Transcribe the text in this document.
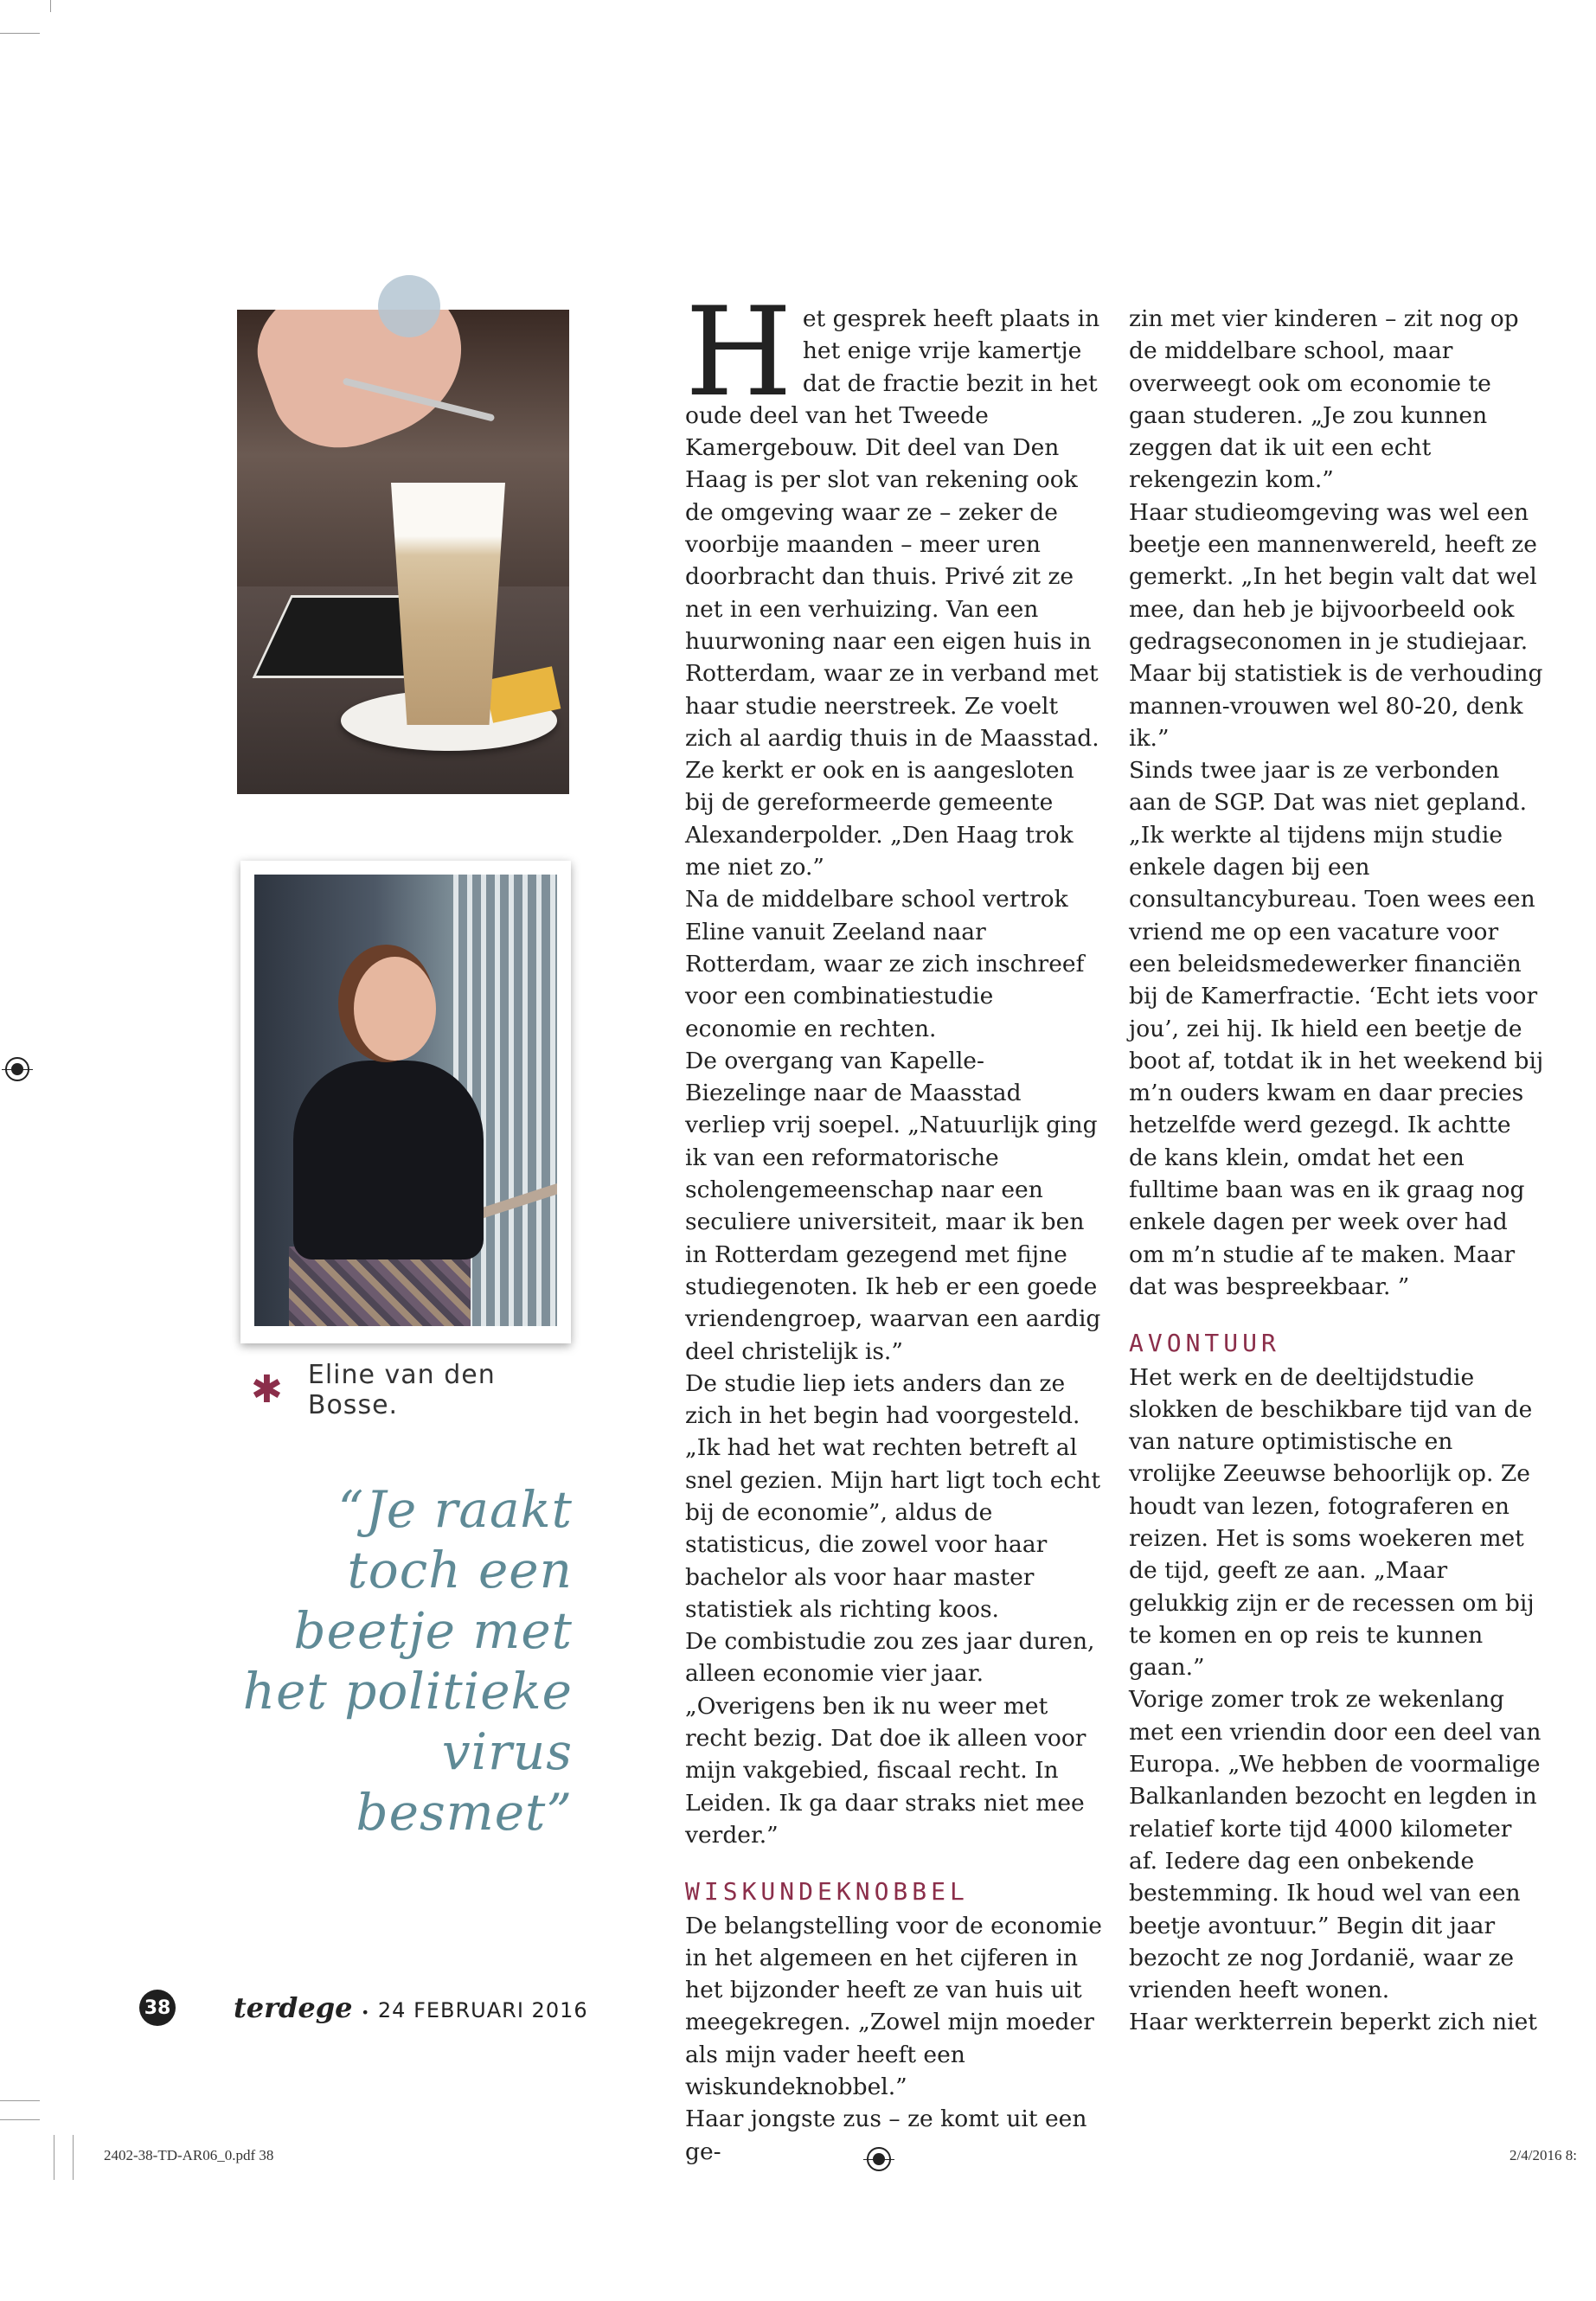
✱ Eline van den Bosse.
“Je raakt toch een beetje met het politieke virus besmet”
H et gesprek heeft plaats in het enige vrije kamertje dat de fractie bezit in het oude deel van het Tweede Kamergebouw. Dit deel van Den Haag is per slot van rekening ook de omgeving waar ze – zeker de voorbije maanden – meer uren doorbracht dan thuis. Privé zit ze net in een verhuizing. Van een huurwoning naar een eigen huis in Rotterdam, waar ze in verband met haar studie neerstreek. Ze voelt zich al aardig thuis in de Maasstad. Ze kerkt er ook en is aangesloten bij de gereformeerde gemeente Alexanderpolder. „Den Haag trok me niet zo.”

Na de middelbare school vertrok Eline vanuit Zeeland naar Rotterdam, waar ze zich inschreef voor een combinatiestudie economie en rechten.

De overgang van Kapelle-Biezelinge naar de Maasstad verliep vrij soepel. „Natuurlijk ging ik van een reformatorische scholengemeenschap naar een seculiere universiteit, maar ik ben in Rotterdam gezegend met fijne studiegenoten. Ik heb er een goede vriendengroep, waarvan een aardig deel christelijk is.”

De studie liep iets anders dan ze zich in het begin had voorgesteld. „Ik had het wat rechten betreft al snel gezien. Mijn hart ligt toch echt bij de economie”, aldus de statisticus, die zowel voor haar bachelor als voor haar master statistiek als richting koos.

De combistudie zou zes jaar duren, alleen economie vier jaar. „Overigens ben ik nu weer met recht bezig. Dat doe ik alleen voor mijn vakgebied, fiscaal recht. In Leiden. Ik ga daar straks niet mee verder.”

WISKUNDEKNOBBEL

De belangstelling voor de economie in het algemeen en het cijferen in het bijzonder heeft ze van huis uit meegekregen. „Zowel mijn moeder als mijn vader heeft een wiskundeknobbel.”

Haar jongste zus – ze komt uit een ge-

zin met vier kinderen – zit nog op de middelbare school, maar overweegt ook om economie te gaan studeren. „Je zou kunnen zeggen dat ik uit een echt rekengezin kom.”

Haar studieomgeving was wel een beetje een mannenwereld, heeft ze gemerkt. „In het begin valt dat wel mee, dan heb je bijvoorbeeld ook gedragseconomen in je studiejaar. Maar bij statistiek is de verhouding mannen-vrouwen wel 80-20, denk ik.”

Sinds twee jaar is ze verbonden aan de SGP. Dat was niet gepland. „Ik werkte al tijdens mijn studie enkele dagen bij een consultancybureau. Toen wees een vriend me op een vacature voor een beleidsmedewerker financiën bij de Kamerfractie. ‘Echt iets voor jou’, zei hij. Ik hield een beetje de boot af, totdat ik in het weekend bij m’n ouders kwam en daar precies hetzelfde werd gezegd. Ik achtte de kans klein, omdat het een fulltime baan was en ik graag nog enkele dagen per week over had om m’n studie af te maken. Maar dat was bespreekbaar. ”

AVONTUUR

Het werk en de deeltijdstudie slokken de beschikbare tijd van de van nature optimistische en vrolijke Zeeuwse behoorlijk op. Ze houdt van lezen, fotograferen en reizen. Het is soms woekeren met de tijd, geeft ze aan. „Maar gelukkig zijn er de recessen om bij te komen en op reis te kunnen gaan.”

Vorige zomer trok ze wekenlang met een vriendin door een deel van Europa. „We hebben de voormalige Balkanlanden bezocht en legden in relatief korte tijd 4000 kilometer af. Iedere dag een onbekende bestemming. Ik houd wel van een beetje avontuur.” Begin dit jaar bezocht ze nog Jordanië, waar ze vrienden heeft wonen.

Haar werkterrein beperkt zich niet

38 terdege • 24 FEBRUARI 2016
2402-38-TD-AR06_0.pdf 38	2/4/2016 8:
